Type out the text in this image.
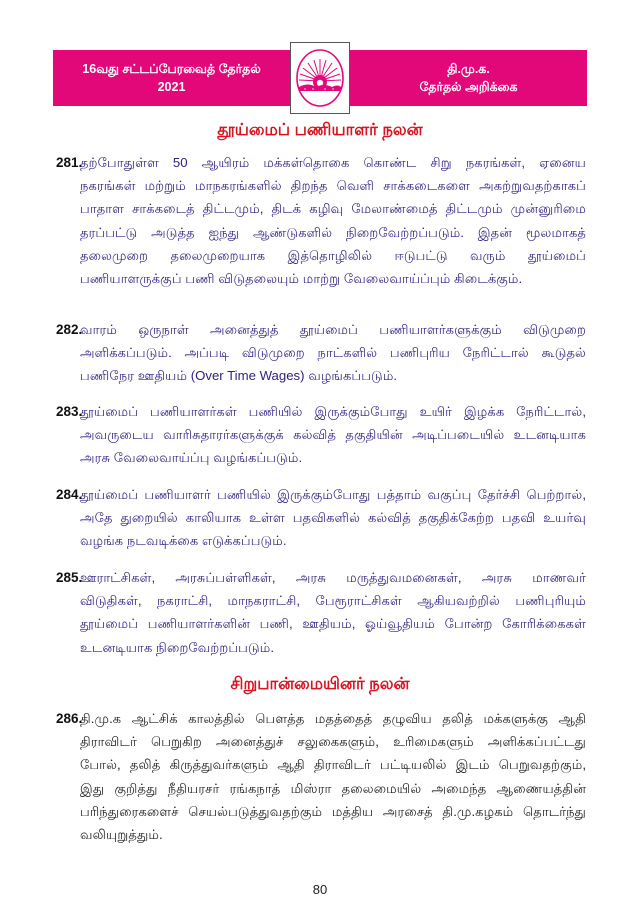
16வது சட்டப்பேரவைத் தேர்தல்
2021
தி.மு.க.
தேர்தல் அறிக்கை
தூய்மைப் பணியாளர் நலன்
281.
தற்போதுள்ள 50 ஆயிரம் மக்கள்தொகை கொண்ட சிறு நகரங்கள், ஏனைய
நகரங்கள் மற்றும் மாநகரங்களில் திறந்த வெளி சாக்கடைகளை அகற்றுவதற்காகப்
பாதாள சாக்கடைத் திட்டமும், திடக் கழிவு மேலாண்மைத் திட்டமும் முன்னுரிமை
தரப்பட்டு அடுத்த ஐந்து ஆண்டுகளில் நிறைவேற்றப்படும். இதன் மூலமாகத்
தலைமுறை தலைமுறையாக இத்தொழிலில் ஈடுபட்டு வரும் தூய்மைப்
பணியாளருக்குப் பணி விடுதலையும் மாற்று வேலைவாய்ப்பும் கிடைக்கும்.
282.
வாரம் ஒருநாள் அனைத்துத் தூய்மைப் பணியாளர்களுக்கும் விடுமுறை
அளிக்கப்படும். அப்படி விடுமுறை நாட்களில் பணிபுரிய நேரிட்டால் கூடுதல்
பணிநேர ஊதியம் (Over Time Wages) வழங்கப்படும்.
283.
தூய்மைப் பணியாளர்கள் பணியில் இருக்கும்போது உயிர் இழக்க நேரிட்டால்,
அவருடைய வாரிசுதாரர்களுக்குக் கல்வித் தகுதியின் அடிப்படையில் உடனடியாக
அரசு வேலைவாய்ப்பு வழங்கப்படும்.
284.
தூய்மைப் பணியாளர் பணியில் இருக்கும்போது பத்தாம் வகுப்பு தேர்ச்சி பெற்றால்,
அதே துறையில் காலியாக உள்ள பதவிகளில் கல்வித் தகுதிக்கேற்ற பதவி உயர்வு
வழங்க நடவடிக்கை எடுக்கப்படும்.
285.
ஊராட்சிகள், அரசுப்பள்ளிகள், அரசு மருத்துவமனைகள், அரசு மாணவர்
விடுதிகள், நகராட்சி, மாநகராட்சி, பேரூராட்சிகள் ஆகியவற்றில் பணிபுரியும்
தூய்மைப் பணியாளர்களின் பணி, ஊதியம், ஓய்வூதியம் போன்ற கோரிக்கைகள்
உடனடியாக நிறைவேற்றப்படும்.
சிறுபான்மையினர் நலன்
286.
தி.மு.க ஆட்சிக் காலத்தில் பௌத்த மதத்தைத் தழுவிய தலித் மக்களுக்கு ஆதி
திராவிடர் பெறுகிற அனைத்துச் சலுகைகளும், உரிமைகளும் அளிக்கப்பட்டது
போல், தலித் கிருத்துவர்களும் ஆதி திராவிடர் பட்டியலில் இடம் பெறுவதற்கும்,
இது குறித்து நீதியரசர் ரங்கநாத் மிஸ்ரா தலைமையில் அமைந்த ஆணையத்தின்
பரிந்துரைகளைச் செயல்படுத்துவதற்கும் மத்திய அரசைத் தி.மு.கழகம் தொடர்ந்து
வலியுறுத்தும்.
80
